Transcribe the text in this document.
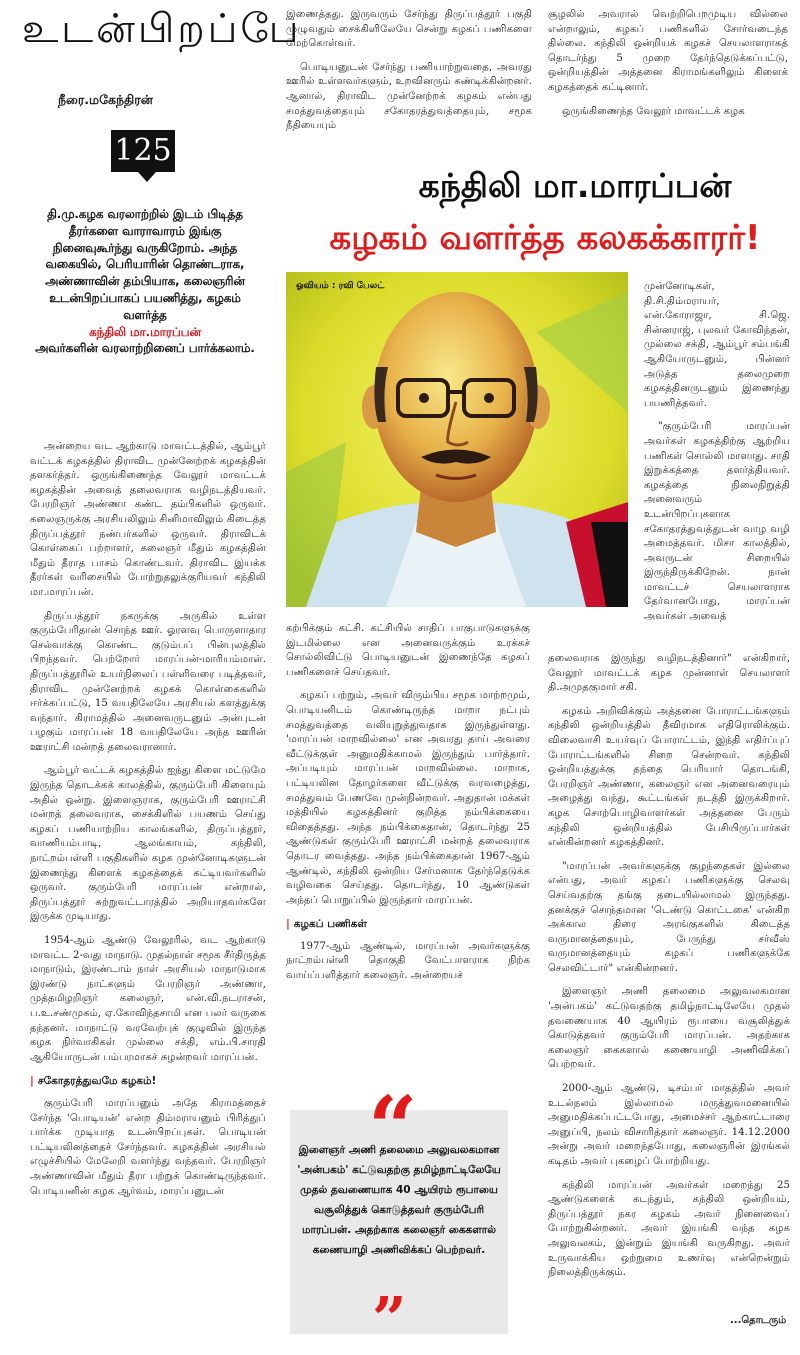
உடன்பிறப்பே
நீரை.மகேந்திரன்
125
தி.மு.கழக வரலாற்றில் இடம் பிடித்த தீரர்களை வாராவாரம் இங்கு நினைவுகூர்ந்து வருகிறோம். அந்த வகையில், பெரியாரின் தொண்டராக, அண்ணாவின் தம்பியாக, கலைஞரின் உடன்பிறப்பாகப் பயணித்து, கழகம் வளர்த்த
கந்திலி மா.மாரப்பன்
அவர்களின் வரலாற்றினைப் பார்க்கலாம்.
கந்திலி மா.மாரப்பன்
கழகம் வளர்த்த கலகக்காரர்!

அன்றைய வட ஆற்காடு மாவட்டத்தில், ஆம்பூர் வட்டக் கழகத்தில் திராவிட முன்னேற்றக் கழகத்தின் தளகர்த்தர். ஒருங்கிணைந்த வேலூர் மாவட்டக் கழகத்தின் அவைத் தலைவராக வழிநடத்தியவர். பேரறிஞர் அண்ணா கண்ட தம்பிகளில் ஒருவர். கலைஞருக்கு அரசியலிலும் சினிமாவிலும் கிடைத்த திருப்பத்தூர் நண்பர்களில் ஒருவர். திராவிடக் கொள்கைப் பற்றாளர், கலைஞர் மீதும் கழகத்தின் மீதும் தீராத பாசம் கொண்டவர். திராவிட இயக்க தீரர்கள் வரிசையில் போற்றுதலுக்குரியவர் கந்திலி மா.மாரப்பன்.

திருப்பத்தூர் நகருக்கு அருகில் உள்ள குரும்பேரிதான் சொந்த ஊர். ஓரளவு பொருளாதார செல்வாக்கு கொண்ட குடும்பப் பின்புலத்தில் பிறந்தவர். பெற்றோர் மாரப்பன்-மாரியம்மாள். திருப்பத்தூரில் உயர்நிலைப் பள்ளிவரை படித்தவர், திராவிட முன்னேற்றக் கழகக் கொள்கைகளில் ஈர்க்கப்பட்டு, 15 வயதிலேயே அரசியல் களத்துக்கு வந்தார். கிராமத்தில் அனைவருடனும் அன்புடன் பழகும் மாரப்பன் 18 வயதிலேயே அந்த ஊரின் ஊராட்சி மன்றத் தலைவரானார்.

ஆம்பூர் வட்டக் கழகத்தில் ஐந்து கிளை மட்டுமே இருந்த தொடக்கக் காலத்தில், குரும்பேரி கிளையும் அதில் ஒன்று. இளைஞராக, குரும்பேரி ஊராட்சி மன்றத் தலைவராக, சைக்கிளில் பயணம் செய்து கழகப் பணியாற்றிய காலங்களில், திருப்பத்தூர், வாணியம்பாடி, ஆலங்காயம், கந்திலி, நாட்றம்பள்ளி பகுதிகளில் கழக முன்னோடிகளுடன் இணைந்து கிளைக் கழகத்தைக் கட்டியவர்களில் ஒருவர். குரும்பேரி மாரப்பன் என்றால், திருப்பத்தூர் சுற்றுவட்டாரத்தில் அறியாதவர்களே இருக்க முடியாது.

1954-ஆம் ஆண்டு வேலூரில், வட ஆற்காடு மாவட்ட 2-வது மாநாடு. முதல்நாள் சமூக சீர்திருத்த மாநாடும், இரண்டாம் நாள் அரசியல் மாநாடுமாக இரண்டு நாட்களும் பேரறிஞர் அண்ணா, முத்தமிழறிஞர் கலைஞர், என்.வி.நடராசன், ப.உ.சண்முகம், ஏ.கோவிந்தசாமி என பலர் வருகை தந்தனர். மாநாட்டு வரவேற்புக் குழுவில் இருந்த கழக நிர்வாகிகள் முல்லை சக்தி, எம்.பி.சாரதி ஆகியோருடன் பம்பரமாகச் சுழன்றவர் மாரப்பன்.

| சகோதரத்துவமே கழகம்!

குரும்பேரி மாரப்பனும் அதே கிராமத்தைச் சேர்ந்த 'பொடியன்' என்ற திம்மராயனும் பிரித்துப் பார்க்க முடியாத உடன்பிறப்புகள். பொடியன் பட்டியலினத்தைச் சேர்ந்தவர். கழகத்தின் அரசியல் எழுச்சியில் மேலேறி வளர்ந்து வந்தவர். பேரறிஞர் அண்ணாவின் மீதும் தீரா பற்றுக் கொண்டிருந்தவர். பொடியனின் கழக ஆர்வம், மாரப்பனுடன்

இணைத்தது. இருவரும் சேர்ந்து திருப்பத்தூர் பகுதி முழுவதும் சைக்கிளிலேயே சென்று கழகப் பணிகளை மேற்கொள்வர்.

பொடியனுடன் சேர்ந்து பணியாற்றுவதை, அவரது ஊரில் உள்ளவர்களும், உறவினரும் கண்டிக்கின்றனர். ஆனால், திராவிட முன்னேற்றக் கழகம் என்பது சமத்துவத்தையும் சகோதரத்துவத்தையும், சமூக நீதியையும்

சூழலில் அவரால் வெற்றிபெறமுடிய வில்லை என்றாலும், கழகப் பணிகளில் சோர்வடைந்த தில்லை. கந்திலி ஒன்றியக் கழகச் செயலாளராகத் தொடர்ந்து 5 முறை தேர்ந்தெடுக்கப்பட்டு, ஒன்றியத்தின் அத்தனை கிராமங்களிலும் கிளைக் கழகத்தைக் கட்டினார்.

ஒருங்கிணைந்த வேலூர் மாவட்டக் கழக

ஓவியம் : ரவி பேலட்	முன்னோடிகள், தி.சி.திம்மராயர், என்.கோராஜா, சி.ஜெ. சின்னராஜ், புலவர் கோவிந்தன், முல்லை சக்தி, ஆம்பூர் சம்பங்கி ஆகியோருடனும், பின்னர் அடுத்த தலைமுறை கழகத்தினருடனும் இணைந்து பயணித்தவர்.

"குரும்பேரி மாரப்பன் அவர்கள் கழகத்திற்கு ஆற்றிய பணிகள் சொல்லி மாளாது. சாதி இறுக்கத்தை தளர்த்தியவர். கழகத்தை நிலைநிறுத்தி அனைவரும் உடன்பிறப்புகளாக சகோதரத்துவத்துடன் வாழ வழி அமைத்தவர். மிசா காலத்தில், அவருடன் சிறையில் இருந்திருக்கிறேன். நான் மாவட்டச் செயலாளராக தேர்வானபோது, மாரப்பன் அவர்கள் அவைத்

கற்பிக்கும் கட்சி. கட்சியில் சாதிப் பாகுபாடுகளுக்கு இடமில்லை என அனைவருக்கும் உரக்கச் சொல்லிவிட்டு பொடியனுடன் இணைந்தே கழகப் பணிகளைச் செய்தவர்.

கழகப் பற்றும், அவர் விரும்பிய சமூக மாற்றமும், பொடியனிடம் கொண்டிருந்த மாறா நட்பும் சமத்துவத்தை வலியுறுத்துவதாக இருந்துள்ளது. 'மாரப்பன் மாறவில்லை' என அவரது தாய் அவரை வீட்டுக்குள் அனுமதிக்காமல் இருந்தும் பார்த்தார். அப்படியும் மாரப்பன் மாறவில்லை. மாறாக, பட்டியலின தோழர்களை வீட்டுக்கு வரவழைத்து, சமத்துவம் பேணவே முன்நின்றவர். அதுதான் மக்கள் மத்தியில் கழகத்தினர் குறித்த நம்பிக்கையை விதைத்தது. அந்த நம்பிக்கைதான், தொடர்ந்து 25 ஆண்டுகள் குரும்பேரி ஊராட்சி மன்றத் தலைவராக தொடர வைத்தது. அந்த நம்பிக்கைதான் 1967-ஆம் ஆண்டில், கந்திலி ஒன்றிய சேர்மனாக தேர்ந்தெடுக்க வழிவகை செய்தது. தொடர்ந்து, 10 ஆண்டுகள் அந்தப் பொறுப்பில் இருந்தார் மாரப்பன்.

| கழகப் பணிகள்

1977-ஆம் ஆண்டில், மாரப்பன் அவர்களுக்கு நாட்றம்பள்ளி தொகுதி வேட்பாளராக நிற்க வாய்ப்பளித்தார் கலைஞர். அன்றையச்

தலைவராக இருந்து வழிநடத்தினார்" என்கிறார், வேலூர் மாவட்டக் கழக முன்னாள் செயலாளர் தி.அமுதகுமார் சகி.

கழகம் அறிவிக்கும் அத்தனை போராட்டங்களும் கந்திலி ஒன்றியத்தில் தீவிரமாக எதிரொலிக்கும். விலைவாசி உயர்வுப் போராட்டம், இந்தி எதிர்ப்புப் போராட்டங்களில் சிறை சென்றவர். கந்திலி ஒன்றியத்துக்கு தந்தை பெரியார் தொடங்கி, பேரறிஞர் அண்ணா, கலைஞர் என அனைவரையும் அழைத்து வந்து, கூட்டங்கள் நடத்தி இருக்கிறார். கழக சொற்பொழிவாளர்கள் அத்தனை பேரும் கந்திலி ஒன்றியத்தில் பேசியிருப்பார்கள் என்கின்றனர் கழகத்தினர்.

"மாரப்பன் அவர்களுக்கு குழந்தைகள் இல்லை என்பது, அவர் கழகப் பணிகளுக்கு செலவு செய்வதற்கு தங்கு தடையில்லாமல் இருந்தது. தனக்குச் சொந்தமான 'டெண்டு கொட்டகை' என்கிற அக்கால திரை அரங்குகளில் கிடைத்த வருமானத்தையும், பேருந்து சர்வீஸ் வருமானத்தையும் கழகப் பணிகளுக்கே செலவிட்டார்" என்கின்றனர்.

இளைஞர் அணி தலைமை அலுவலகமான 'அன்பகம்' கட்டுவதற்கு தமிழ்நாட்டிலேயே முதல் தவணையாக 40 ஆயிரம் ரூபாயை வசூலித்துக் கொடுத்தவர் குரும்பேரி மாரப்பன். அதற்காக கலைஞர் கைகளால் கணையாழி அணிவிக்கப் பெற்றவர்.

2000-ஆம் ஆண்டு, டிசம்பர் மாதத்தில் அவர் உடல்நலம் இல்லாமல் மருத்துவமனையில் அனுமதிக்கப்பட்டபோது, அமைச்சர் ஆற்காட்டாரை அனுப்பி, நலம் விசாரித்தார் கலைஞர். 14.12.2000 அன்று அவர் மறைந்தபோது, கலைஞரின் இரங்கல் கடிதம் அவர் புகழைப் போற்றியது.

கந்திலி மாரப்பன் அவர்கள் மறைந்து 25 ஆண்டுகளைக் கடந்தும், கந்திலி ஒன்றியம், திருப்பத்தூர் நகர கழகம் அவர் நினைவைப் போற்றுகின்றனர். அவர் இயங்கி வந்த கழக அலுவலகம், இன்றும் இயங்கி வருகிறது. அவர் உருவாக்கிய ஒற்றுமை உணர்வு என்றென்றும் நிலைத்திருக்கும்.

“
இளைஞர் அணி தலைமை அலுவலகமான 'அன்பகம்' கட்டுவதற்கு தமிழ்நாட்டிலேயே முதல் தவணையாக 40 ஆயிரம் ரூபாயை வசூலித்துக் கொடுத்தவர் குரும்பேரி மாரப்பன். அதற்காக கலைஞர் கைகளால் கணையாழி அணிவிக்கப் பெற்றவர்.
”	...தொடரும்
